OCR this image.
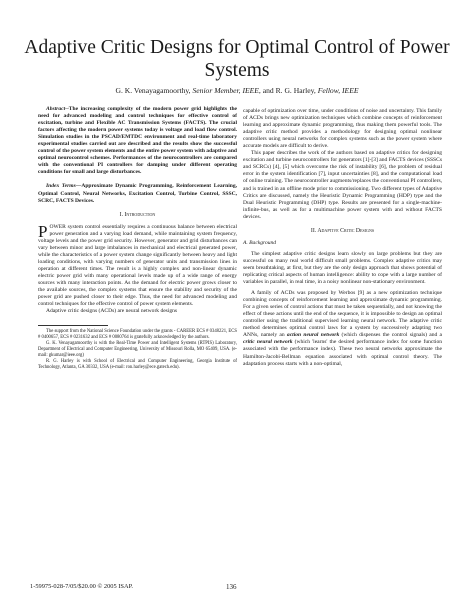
Adaptive Critic Designs for Optimal Control of Power Systems

G. K. Venayagamoorthy, Senior Member, IEEE, and R. G. Harley, Fellow, IEEE

Abstract--The increasing complexity of the modern power grid highlights the need for advanced modeling and control techniques for effective control of excitation, turbine and Flexible AC Transmission Systems (FACTS). The crucial factors affecting the modern power systems today is voltage and load flow control. Simulation studies in the PSCAD/EMTDC environment and real-time laboratory experimental studies carried out are described and the results show the successful control of the power system elements and the entire power system with adaptive and optimal neurocontrol schemes. Performances of the neurocontrollers are compared with the conventional PI controllers for damping under different operating conditions for small and large disturbances.

Index Terms—Approximate Dynamic Programming, Reinforcement Learning, Optimal Control, Neural Networks, Excitation Control, Turbine Control, SSSC, SCRC, FACTS Devices.

I. Introduction

POWER system control essentially requires a continuous balance between electrical power generation and a varying load demand, while maintaining system frequency, voltage levels and the power grid security. However, generator and grid disturbances can vary between minor and large imbalances in mechanical and electrical generated power, while the characteristics of a power system change significantly between heavy and light loading conditions, with varying numbers of generator units and transmission lines in operation at different times. The result is a highly complex and non-linear dynamic electric power grid with many operational levels made up of a wide range of energy sources with many interaction points. As the demand for electric power grows closer to the available sources, the complex systems that ensure the stability and security of the power grid are pushed closer to their edge. Thus, the need for advanced modeling and control techniques for the effective control of power system elements.

Adaptive critic designs (ACDs) are neural network designs

The support from the National Science Foundation under the grants - CAREER ECS # 0348221, ECS # 0400657, ECS # 0231632 and ECS # 0080764 is gratefully acknowledged by the authors.

G. K. Venayagamoorthy is with the Real-Time Power and Intelligent Systems (RTPIS) Laboratory, Department of Electrical and Computer Engineering, University of Missouri Rolla, MO 65409, USA. (e-mail: gkumar@ieee.org)

R. G. Harley is with School of Electrical and Computer Engineering, Georgia Institute of Technology, Atlanta, GA 30332, USA (e-mail: ron.harley@ece.gatech.edu).

capable of optimization over time, under conditions of noise and uncertainty. This family of ACDs brings new optimization techniques which combine concepts of reinforcement learning and approximate dynamic programming, thus making them powerful tools. The adaptive critic method provides a methodology for designing optimal nonlinear controllers using neural networks for complex systems such as the power system where accurate models are difficult to derive.

This paper describes the work of the authors based on adaptive critics for designing excitation and turbine neurocontrollers for generators [1]-[3] and FACTS devices (SSSCs and SCRCs) [4], [5] which overcome the risk of instability [6], the problem of residual error in the system identification [7], input uncertainties [8], and the computational load of online training. The neurocontroller augments/replaces the conventional PI controllers, and is trained in an offline mode prior to commissioning. Two different types of Adaptive Critics are discussed, namely the Heuristic Dynamic Programming (HDP) type and the Dual Heuristic Programming (DHP) type. Results are presented for a single-machine-infinite-bus, as well as for a multimachine power system with and without FACTS devices.

II. Adaptive Critic Designs

A. Background

The simplest adaptive critic designs learn slowly on large problems but they are successful on many real world difficult small problems. Complex adaptive critics may seem breathtaking, at first, but they are the only design approach that shows potential of replicating critical aspects of human intelligence: ability to cope with a large number of variables in parallel, in real time, in a noisy nonlinear non-stationary environment.

A family of ACDs was proposed by Werbos [9] as a new optimization technique combining concepts of reinforcement learning and approximate dynamic programming. For a given series of control actions that must be taken sequentially, and not knowing the effect of these actions until the end of the sequence, it is impossible to design an optimal controller using the traditional supervised learning neural network. The adaptive critic method determines optimal control laws for a system by successively adapting two ANNs, namely an action neural network (which dispenses the control signals) and a critic neural network (which 'learns' the desired performance index for some function associated with the performance index). These two neural networks approximate the Hamilton-Jacobi-Bellman equation associated with optimal control theory. The adaptation process starts with a non-optimal,

1-59975-028-7/05/$20.00 © 2005 ISAP.	136
